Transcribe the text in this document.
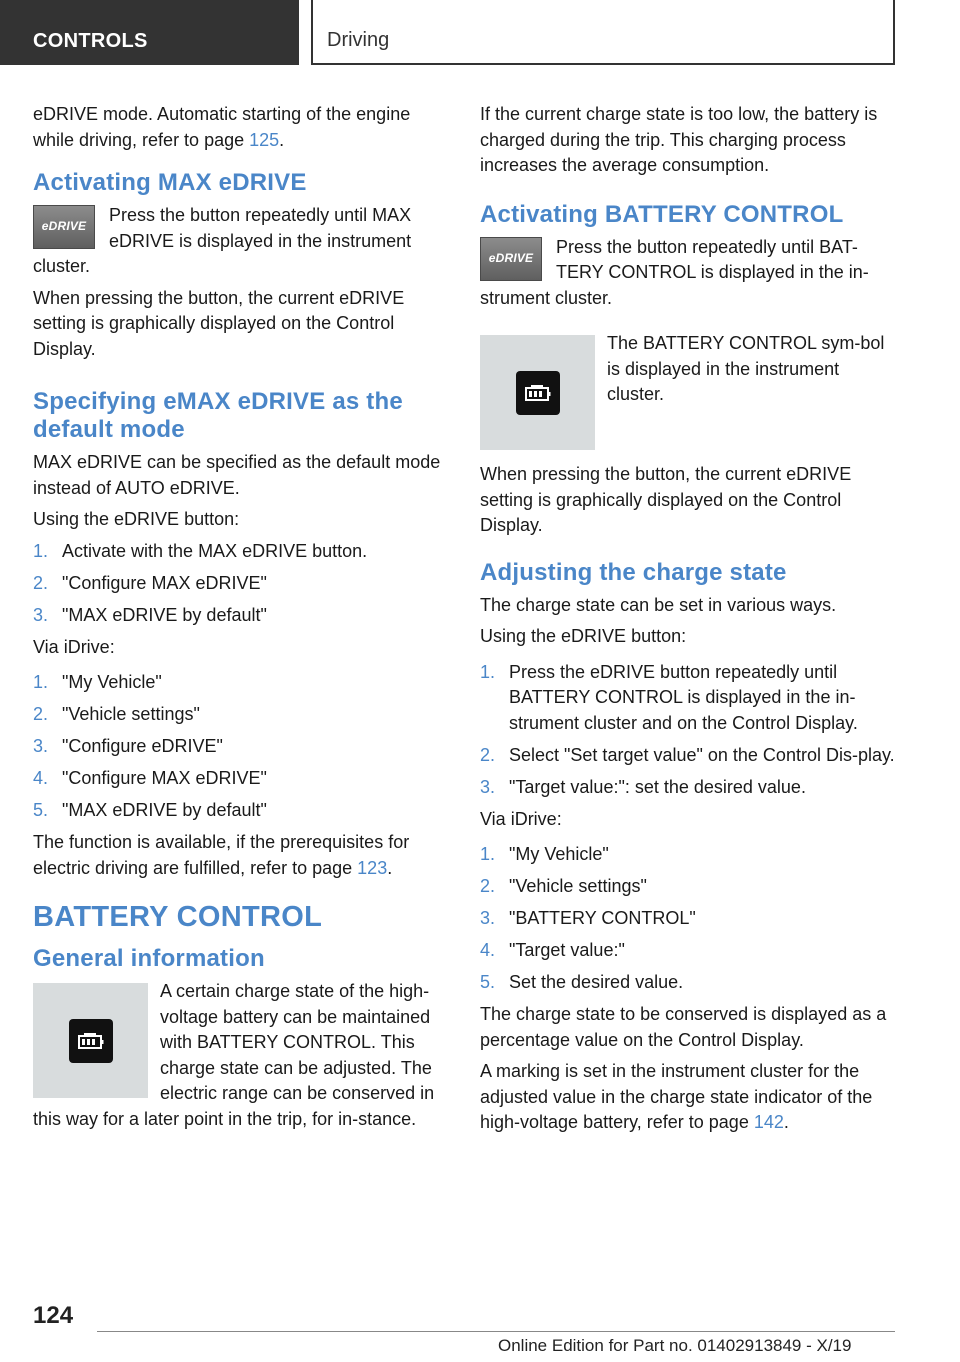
CONTROLS	Driving

eDRIVE mode. Automatic starting of the engine while driving, refer to page 125.

Activating MAX eDRIVE
eDRIVE

Press the button repeatedly until MAX eDRIVE is displayed in the instrument cluster.

When pressing the button, the current eDRIVE setting is graphically displayed on the Control Display.

Specifying eMAX eDRIVE as the default mode

MAX eDRIVE can be specified as the default mode instead of AUTO eDRIVE.

Using the eDRIVE button:

1. Activate with the MAX eDRIVE button.
2. "Configure MAX eDRIVE"
3. "MAX eDRIVE by default"

Via iDrive:

1. "My Vehicle"
2. "Vehicle settings"
3. "Configure eDRIVE"
4. "Configure MAX eDRIVE"
5. "MAX eDRIVE by default"

The function is available, if the prerequisites for electric driving are fulfilled, refer to page 123.

BATTERY CONTROL
General information

A certain charge state of the high-voltage battery can be maintained with BATTERY CONTROL. This charge state can be adjusted. The electric range can be conserved in this way for a later point in the trip, for in-stance.

If the current charge state is too low, the battery is charged during the trip. This charging process increases the average consumption.

Activating BATTERY CONTROL
eDRIVE

Press the button repeatedly until BAT-TERY CONTROL is displayed in the in-strument cluster.

The BATTERY CONTROL sym-bol is displayed in the instrument cluster.

When pressing the button, the current eDRIVE setting is graphically displayed on the Control Display.

Adjusting the charge state

The charge state can be set in various ways.

Using the eDRIVE button:

1. Press the eDRIVE button repeatedly until BATTERY CONTROL is displayed in the in-strument cluster and on the Control Display.
2. Select "Set target value" on the Control Dis-play.
3. "Target value:": set the desired value.

Via iDrive:

1. "My Vehicle"
2. "Vehicle settings"
3. "BATTERY CONTROL"
4. "Target value:"
5. Set the desired value.

The charge state to be conserved is displayed as a percentage value on the Control Display.

A marking is set in the instrument cluster for the adjusted value in the charge state indicator of the high-voltage battery, refer to page 142.

124
Online Edition for Part no. 01402913849 - X/19
